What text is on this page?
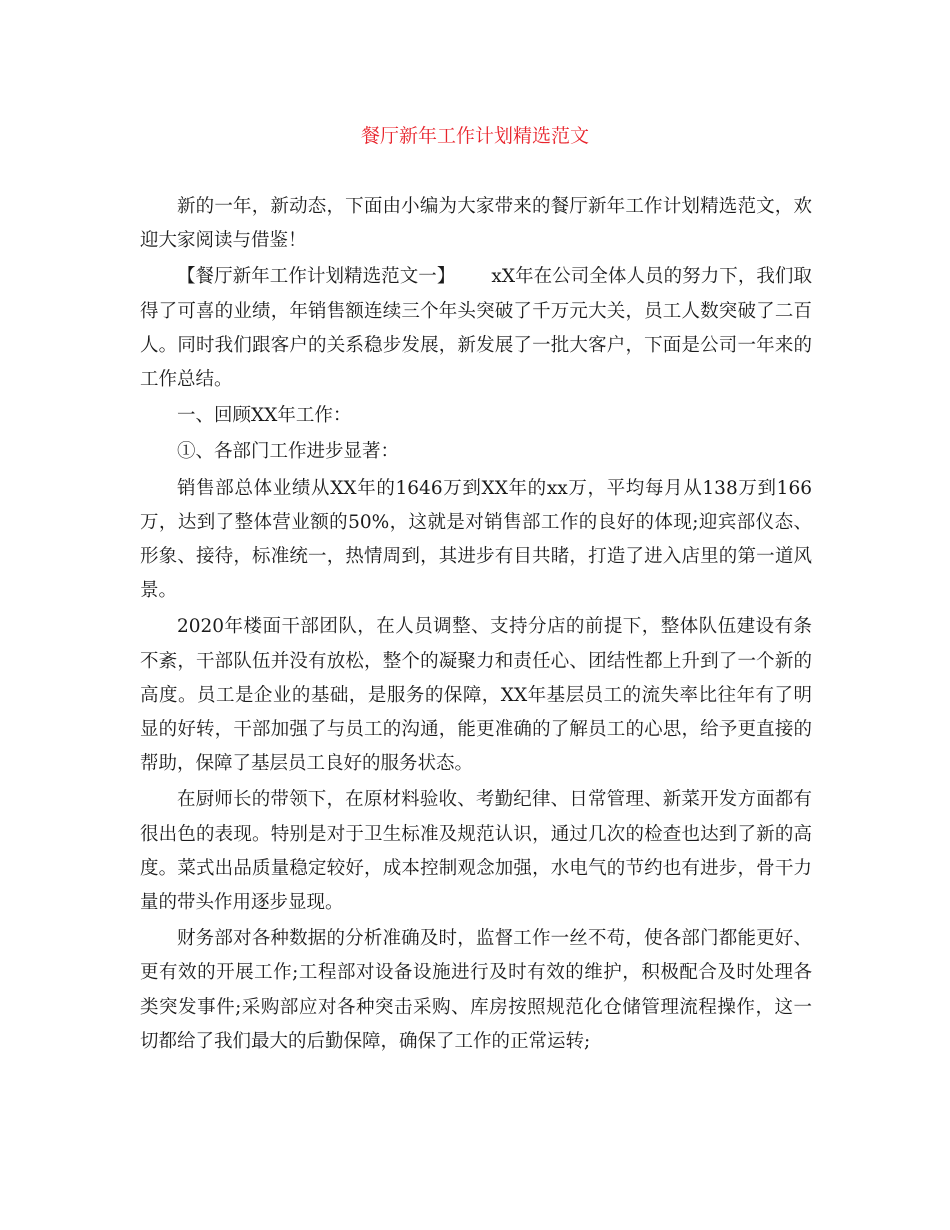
餐厅新年工作计划精选范文

新的一年，新动态，下面由小编为大家带来的餐厅新年工作计划精选范文，欢迎大家阅读与借鉴！

【餐厅新年工作计划精选范文一】 xX年在公司全体人员的努力下，我们取得了可喜的业绩，年销售额连续三个年头突破了千万元大关，员工人数突破了二百人。同时我们跟客户的关系稳步发展，新发展了一批大客户，下面是公司一年来的工作总结。

一、回顾XX年工作：

①、各部门工作进步显著：

销售部总体业绩从XX年的1646万到XX年的xx万，平均每月从138万到166万，达到了整体营业额的50%，这就是对销售部工作的良好的体现;迎宾部仪态、形象、接待，标准统一，热情周到，其进步有目共睹，打造了进入店里的第一道风景。

2020年楼面干部团队，在人员调整、支持分店的前提下，整体队伍建设有条不紊，干部队伍并没有放松，整个的凝聚力和责任心、团结性都上升到了一个新的高度。员工是企业的基础，是服务的保障，XX年基层员工的流失率比往年有了明显的好转，干部加强了与员工的沟通，能更准确的了解员工的心思，给予更直接的帮助，保障了基层员工良好的服务状态。

在厨师长的带领下，在原材料验收、考勤纪律、日常管理、新菜开发方面都有很出色的表现。特别是对于卫生标准及规范认识，通过几次的检查也达到了新的高度。菜式出品质量稳定较好，成本控制观念加强，水电气的节约也有进步，骨干力量的带头作用逐步显现。

财务部对各种数据的分析准确及时，监督工作一丝不苟，使各部门都能更好、更有效的开展工作;工程部对设备设施进行及时有效的维护，积极配合及时处理各类突发事件;采购部应对各种突击采购、库房按照规范化仓储管理流程操作，这一切都给了我们最大的后勤保障，确保了工作的正常运转;
